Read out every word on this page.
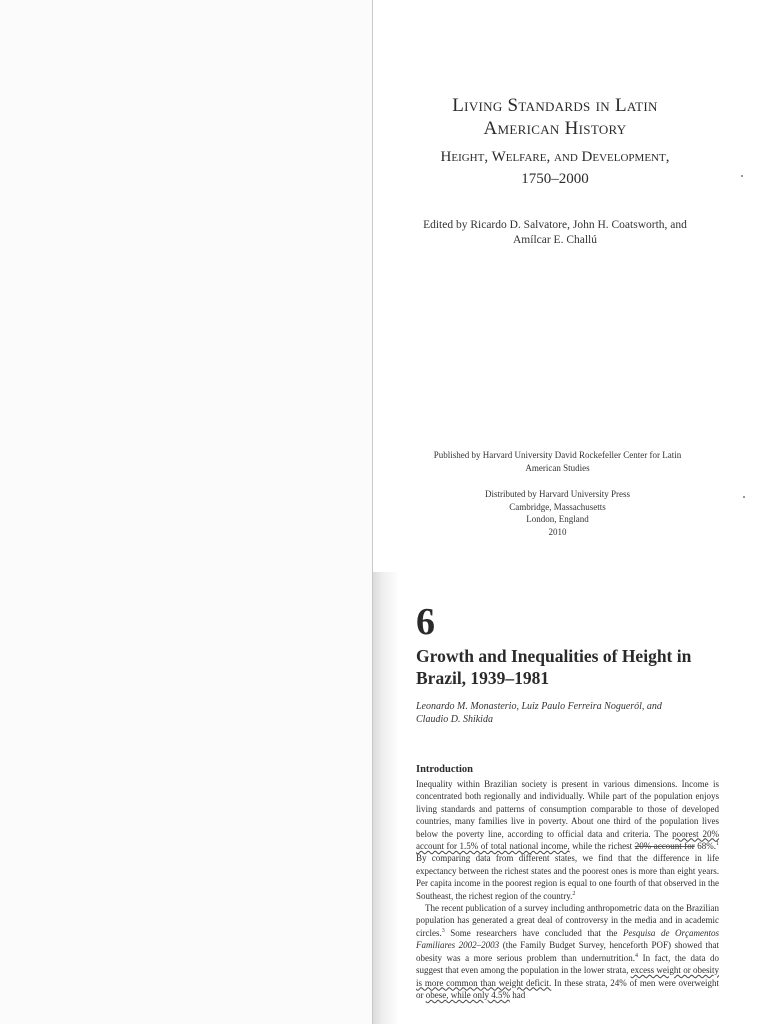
Living Standards in Latin
American History
Height, Welfare, and Development,
1750–2000
Edited by Ricardo D. Salvatore, John H. Coatsworth, and
Amílcar E. Challú
Published by Harvard University David Rockefeller Center for Latin
American Studies
Distributed by Harvard University Press
Cambridge, Massachusetts
London, England
2010
6
Growth and Inequalities of Height in
Brazil, 1939–1981
Leonardo M. Monasterio, Luiz Paulo Ferreira Nogueról, and
Claudio D. Shikida
Introduction
Inequality within Brazilian society is present in various dimensions. Income is concentrated both regionally and individually. While part of the population enjoys living standards and patterns of consumption comparable to those of developed countries, many families live in poverty. About one third of the population lives below the poverty line, according to official data and criteria. The poorest 20% account for 1.5% of total national income, while the richest 20% account for 68%.$^1$ By comparing data from different states, we find that the difference in life expectancy between the richest states and the poorest ones is more than eight years. Per capita income in the poorest region is equal to one fourth of that observed in the Southeast, the richest region of the country.$^2$
The recent publication of a survey including anthropometric data on the Brazilian population has generated a great deal of controversy in the media and in academic circles.$^3$ Some researchers have concluded that the Pesquisa de Orçamentos Familiares 2002–2003 (the Family Budget Survey, henceforth POF) showed that obesity was a more serious problem than undernutrition.$^4$ In fact, the data do suggest that even among the population in the lower strata, excess weight or obesity is more common than weight deficit. In these strata, 24% of men were overweight or obese, while only 4.5% had
